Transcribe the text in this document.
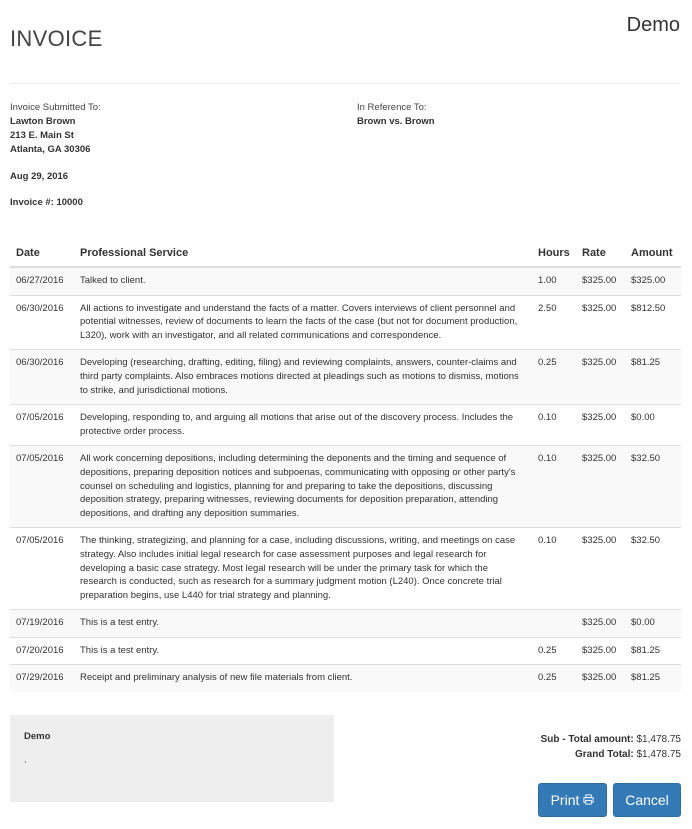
Demo
INVOICE
Invoice Submitted To:
Lawton Brown
213 E. Main St
Atlanta, GA 30306
In Reference To:
Brown vs. Brown
Aug 29, 2016
Invoice #: 10000
Date	Professional Service	Hours	Rate	Amount
06/27/2016	Talked to client.	1.00	$325.00	$325.00
06/30/2016	All actions to investigate and understand the facts of a matter. Covers interviews of client personnel and potential witnesses, review of documents to learn the facts of the case (but not for document production, L320), work with an investigator, and all related communications and correspondence.	2.50	$325.00	$812.50
06/30/2016	Developing (researching, drafting, editing, filing) and reviewing complaints, answers, counter-claims and third party complaints. Also embraces motions directed at pleadings such as motions to dismiss, motions to strike, and jurisdictional motions.	0.25	$325.00	$81.25
07/05/2016	Developing, responding to, and arguing all motions that arise out of the discovery process. Includes the protective order process.	0.10	$325.00	$0.00
07/05/2016	All work concerning depositions, including determining the deponents and the timing and sequence of depositions, preparing deposition notices and subpoenas, communicating with opposing or other party's counsel on scheduling and logistics, planning for and preparing to take the depositions, discussing deposition strategy, preparing witnesses, reviewing documents for deposition preparation, attending depositions, and drafting any deposition summaries.	0.10	$325.00	$32.50
07/05/2016	The thinking, strategizing, and planning for a case, including discussions, writing, and meetings on case strategy. Also includes initial legal research for case assessment purposes and legal research for developing a basic case strategy. Most legal research will be under the primary task for which the research is conducted, such as research for a summary judgment motion (L240). Once concrete trial preparation begins, use L440 for trial strategy and planning.	0.10	$325.00	$32.50
07/19/2016	This is a test entry.		$325.00	$0.00
07/20/2016	This is a test entry.	0.25	$325.00	$81.25
07/29/2016	Receipt and preliminary analysis of new file materials from client.	0.25	$325.00	$81.25
Demo
,
Sub - Total amount: $1,478.75
Grand Total: $1,478.75
Print	Cancel
